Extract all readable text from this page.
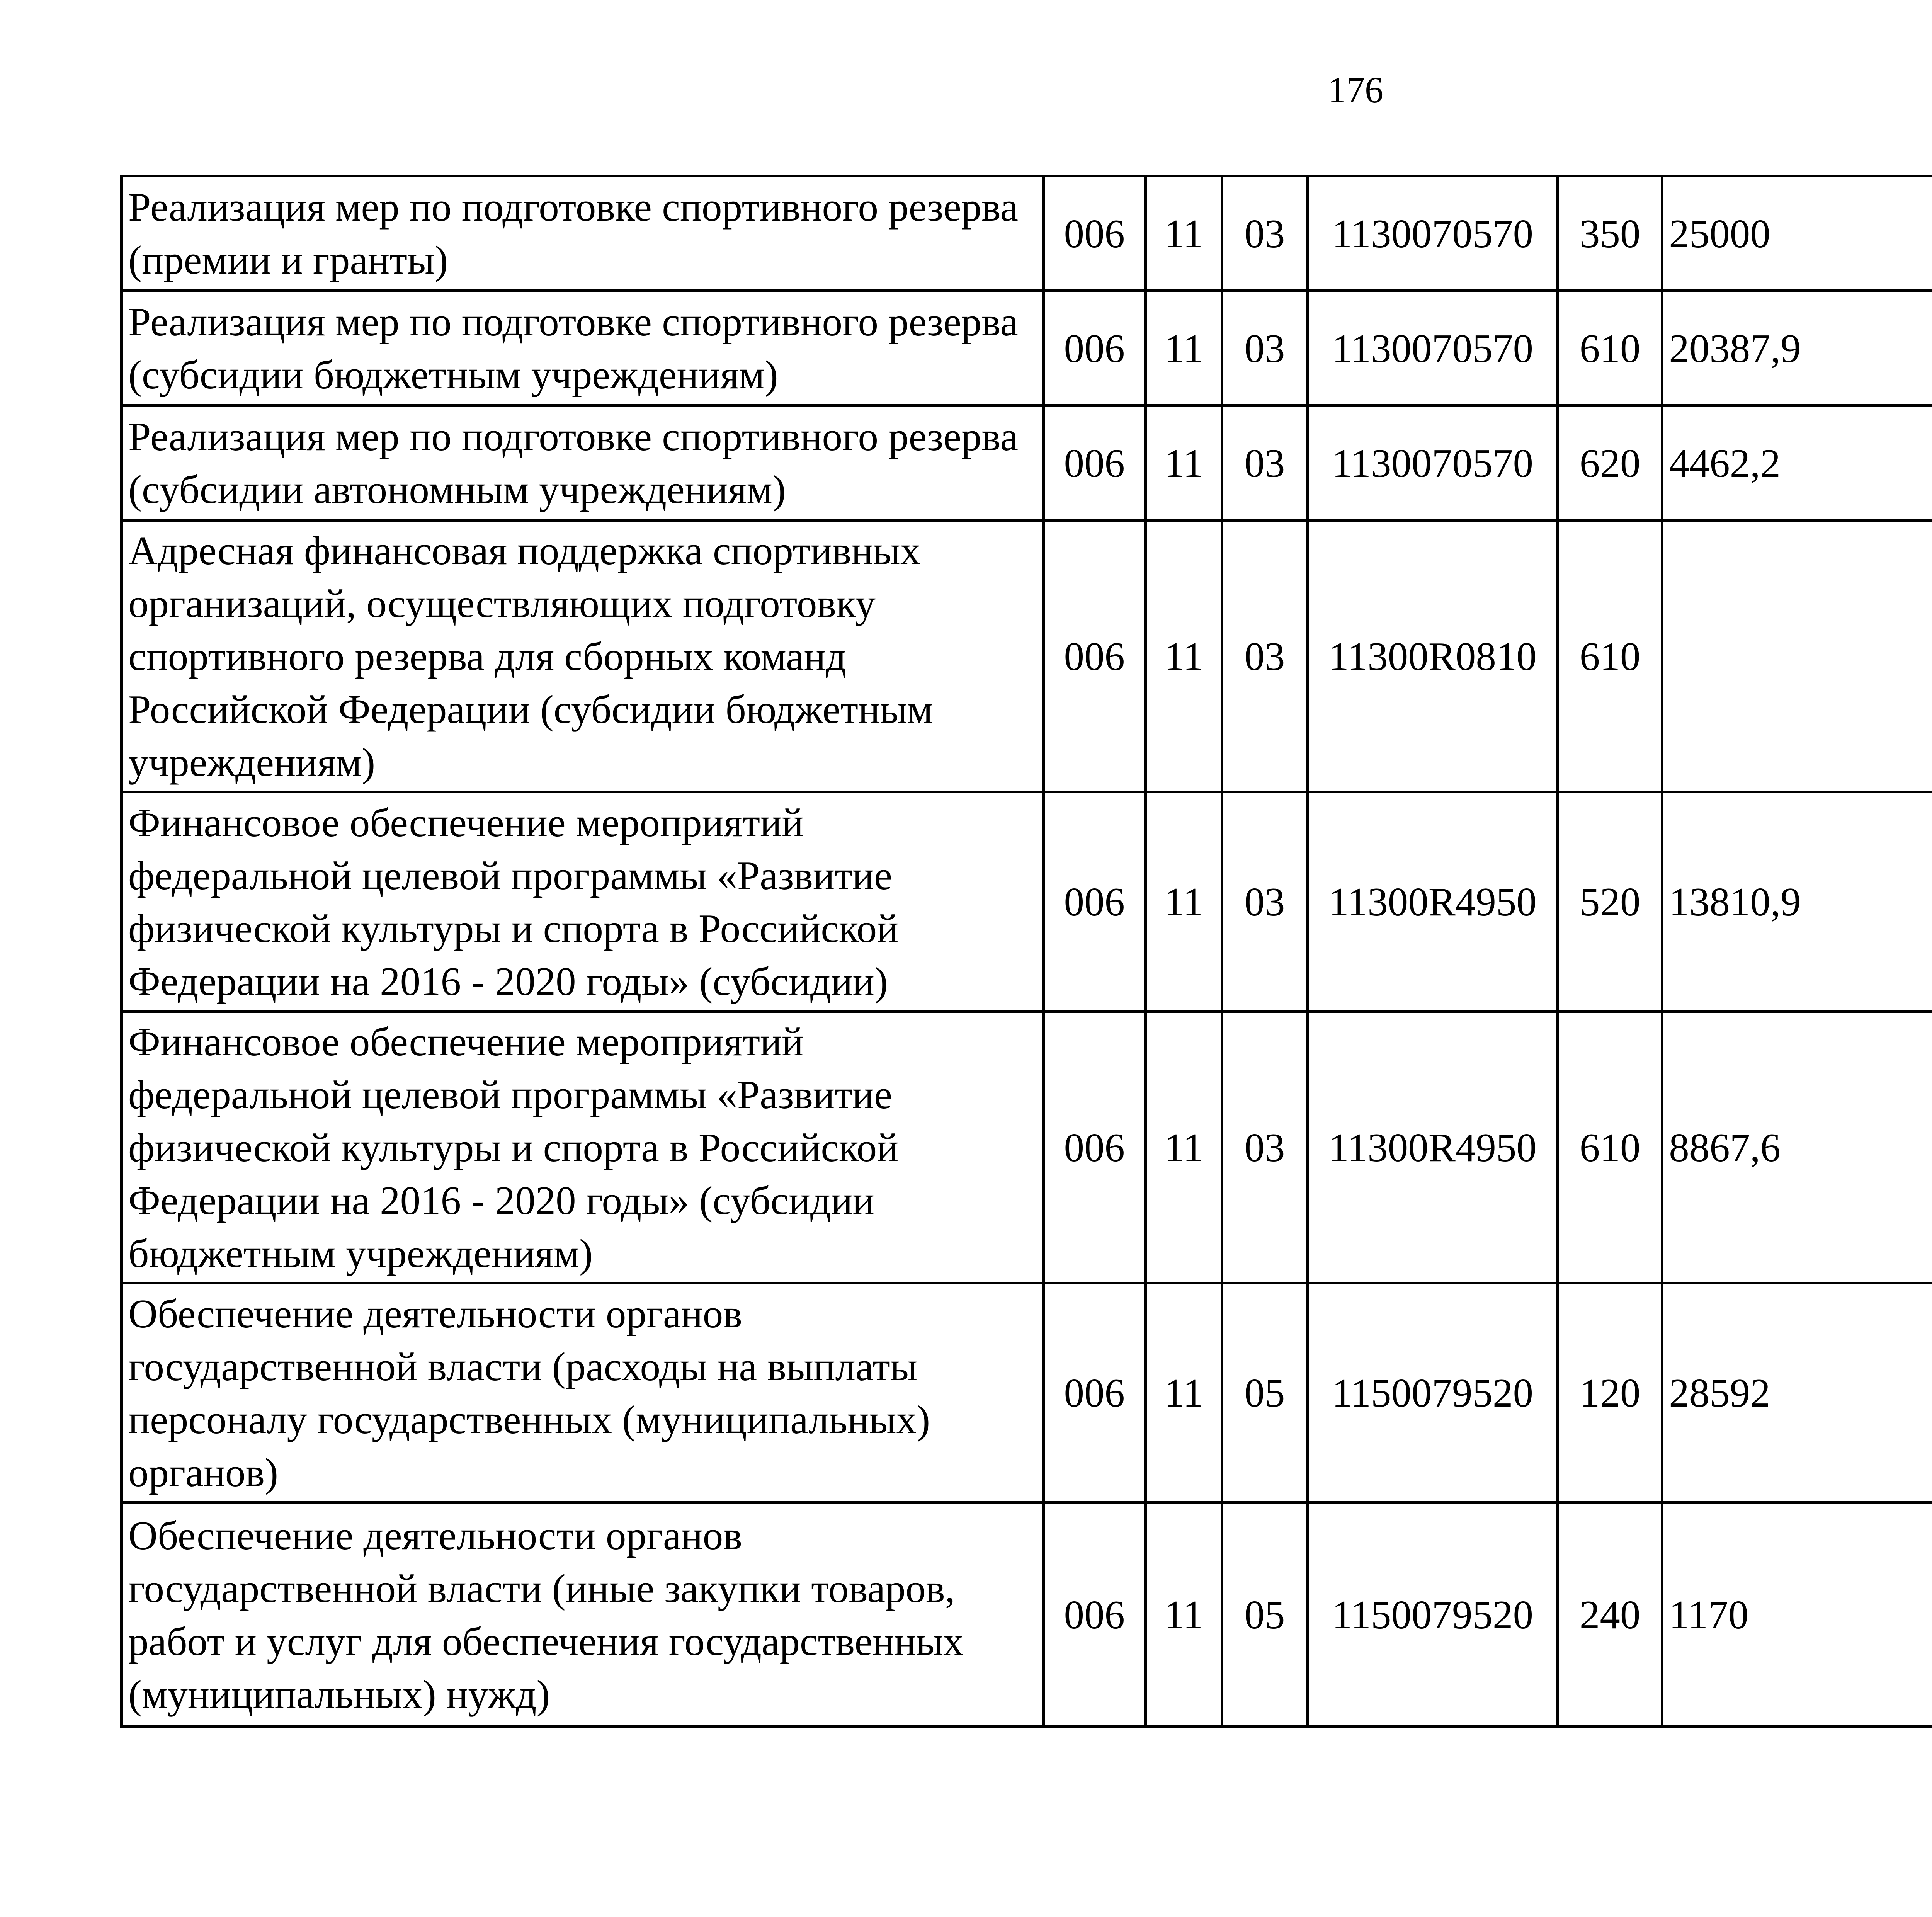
176
Реализация мер по подготовке спортивного резерва (премии и гранты)	006	11	03	1130070570	350	25000		
Реализация мер по подготовке спортивного резерва (субсидии бюджетным учреждениям)	006	11	03	1130070570	610	20387,9		
Реализация мер по подготовке спортивного резерва (субсидии автономным учреждениям)	006	11	03	1130070570	620	4462,2		
Адресная финансовая поддержка спортивных организаций, осуществляющих подготовку спортивного резерва для сборных команд Российской Федерации (субсидии бюджетным учреждениям)	006	11	03	11300R0810	610			
Финансовое обеспечение мероприятий федеральной целевой программы «Развитие физической культуры и спорта в Российской Федерации на 2016 - 2020 годы» (субсидии)	006	11	03	11300R4950	520	13810,9		
Финансовое обеспечение мероприятий федеральной целевой программы «Развитие физической культуры и спорта в Российской Федерации на 2016 - 2020 годы» (субсидии бюджетным учреждениям)	006	11	03	11300R4950	610	8867,6		
Обеспечение деятельности органов государственной власти (расходы на выплаты персоналу государственных (муниципальных) органов)	006	11	05	1150079520	120	28592		
Обеспечение деятельности органов государственной власти (иные закупки товаров, работ и услуг для обеспечения государственных (муниципальных) нужд)	006	11	05	1150079520	240	1170		
